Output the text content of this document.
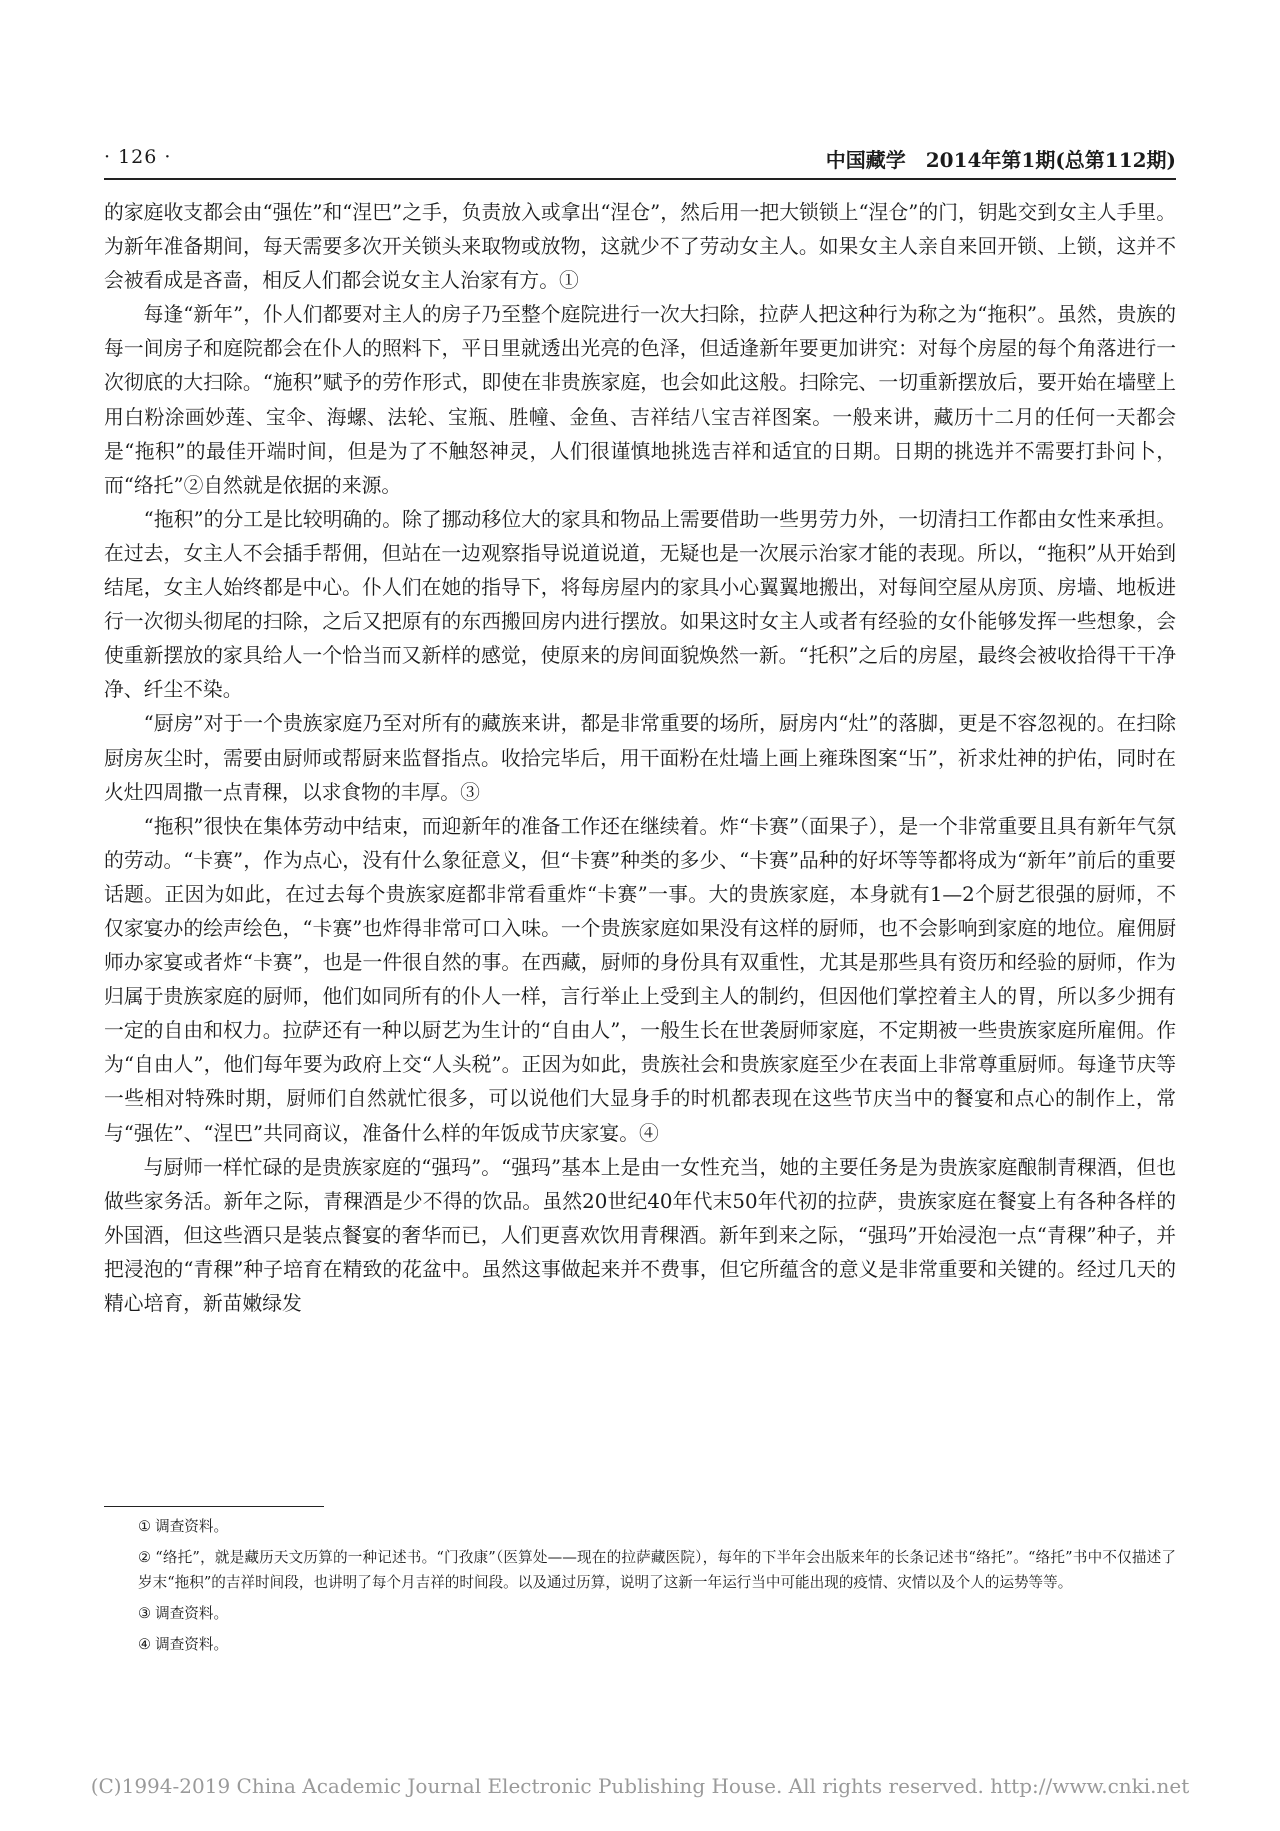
· 126 ·	中国藏学　2014年第1期(总第112期)

的家庭收支都会由“强佐”和“涅巴”之手，负责放入或拿出“涅仓”，然后用一把大锁锁上“涅仓”的门，钥匙交到女主人手里。为新年准备期间，每天需要多次开关锁头来取物或放物，这就少不了劳动女主人。如果女主人亲自来回开锁、上锁，这并不会被看成是吝啬，相反人们都会说女主人治家有方。①

每逢“新年”，仆人们都要对主人的房子乃至整个庭院进行一次大扫除，拉萨人把这种行为称之为“拖积”。虽然，贵族的每一间房子和庭院都会在仆人的照料下，平日里就透出光亮的色泽，但适逢新年要更加讲究：对每个房屋的每个角落进行一次彻底的大扫除。“施积”赋予的劳作形式，即使在非贵族家庭，也会如此这般。扫除完、一切重新摆放后，要开始在墙壁上用白粉涂画妙莲、宝伞、海螺、法轮、宝瓶、胜幢、金鱼、吉祥结八宝吉祥图案。一般来讲，藏历十二月的任何一天都会是“拖积”的最佳开端时间，但是为了不触怒神灵，人们很谨慎地挑选吉祥和适宜的日期。日期的挑选并不需要打卦问卜，而“络托”②自然就是依据的来源。

“拖积”的分工是比较明确的。除了挪动移位大的家具和物品上需要借助一些男劳力外，一切清扫工作都由女性来承担。在过去，女主人不会插手帮佣，但站在一边观察指导说道说道，无疑也是一次展示治家才能的表现。所以，“拖积”从开始到结尾，女主人始终都是中心。仆人们在她的指导下，将每房屋内的家具小心翼翼地搬出，对每间空屋从房顶、房墙、地板进行一次彻头彻尾的扫除，之后又把原有的东西搬回房内进行摆放。如果这时女主人或者有经验的女仆能够发挥一些想象，会使重新摆放的家具给人一个恰当而又新样的感觉，使原来的房间面貌焕然一新。“托积”之后的房屋，最终会被收拾得干干净净、纤尘不染。

“厨房”对于一个贵族家庭乃至对所有的藏族来讲，都是非常重要的场所，厨房内“灶”的落脚，更是不容忽视的。在扫除厨房灰尘时，需要由厨师或帮厨来监督指点。收拾完毕后，用干面粉在灶墙上画上雍珠图案“卐”，祈求灶神的护佑，同时在火灶四周撒一点青稞，以求食物的丰厚。③

“拖积”很快在集体劳动中结束，而迎新年的准备工作还在继续着。炸“卡赛”（面果子），是一个非常重要且具有新年气氛的劳动。“卡赛”，作为点心，没有什么象征意义，但“卡赛”种类的多少、“卡赛”品种的好坏等等都将成为“新年”前后的重要话题。正因为如此，在过去每个贵族家庭都非常看重炸“卡赛”一事。大的贵族家庭，本身就有1—2个厨艺很强的厨师，不仅家宴办的绘声绘色，“卡赛”也炸得非常可口入味。一个贵族家庭如果没有这样的厨师，也不会影响到家庭的地位。雇佣厨师办家宴或者炸“卡赛”，也是一件很自然的事。在西藏，厨师的身份具有双重性，尤其是那些具有资历和经验的厨师，作为归属于贵族家庭的厨师，他们如同所有的仆人一样，言行举止上受到主人的制约，但因他们掌控着主人的胃，所以多少拥有一定的自由和权力。拉萨还有一种以厨艺为生计的“自由人”，一般生长在世袭厨师家庭，不定期被一些贵族家庭所雇佣。作为“自由人”，他们每年要为政府上交“人头税”。正因为如此，贵族社会和贵族家庭至少在表面上非常尊重厨师。每逢节庆等一些相对特殊时期，厨师们自然就忙很多，可以说他们大显身手的时机都表现在这些节庆当中的餐宴和点心的制作上，常与“强佐”、“涅巴”共同商议，准备什么样的年饭成节庆家宴。④

与厨师一样忙碌的是贵族家庭的“强玛”。“强玛”基本上是由一女性充当，她的主要任务是为贵族家庭酿制青稞酒，但也做些家务活。新年之际，青稞酒是少不得的饮品。虽然20世纪40年代末50年代初的拉萨，贵族家庭在餐宴上有各种各样的外国酒，但这些酒只是装点餐宴的奢华而已，人们更喜欢饮用青稞酒。新年到来之际，“强玛”开始浸泡一点“青稞”种子，并把浸泡的“青稞”种子培育在精致的花盆中。虽然这事做起来并不费事，但它所蕴含的意义是非常重要和关键的。经过几天的精心培育，新苗嫩绿发

① 调查资料。

② “络托”，就是藏历天文历算的一种记述书。“门孜康”（医算处——现在的拉萨藏医院），每年的下半年会出版来年的长条记述书“络托”。“络托”书中不仅描述了岁末“拖积”的吉祥时间段，也讲明了每个月吉祥的时间段。以及通过历算，说明了这新一年运行当中可能出现的疫情、灾情以及个人的运势等等。

③ 调查资料。

④ 调查资料。

(C)1994-2019 China Academic Journal Electronic Publishing House. All rights reserved. http://www.cnki.net
